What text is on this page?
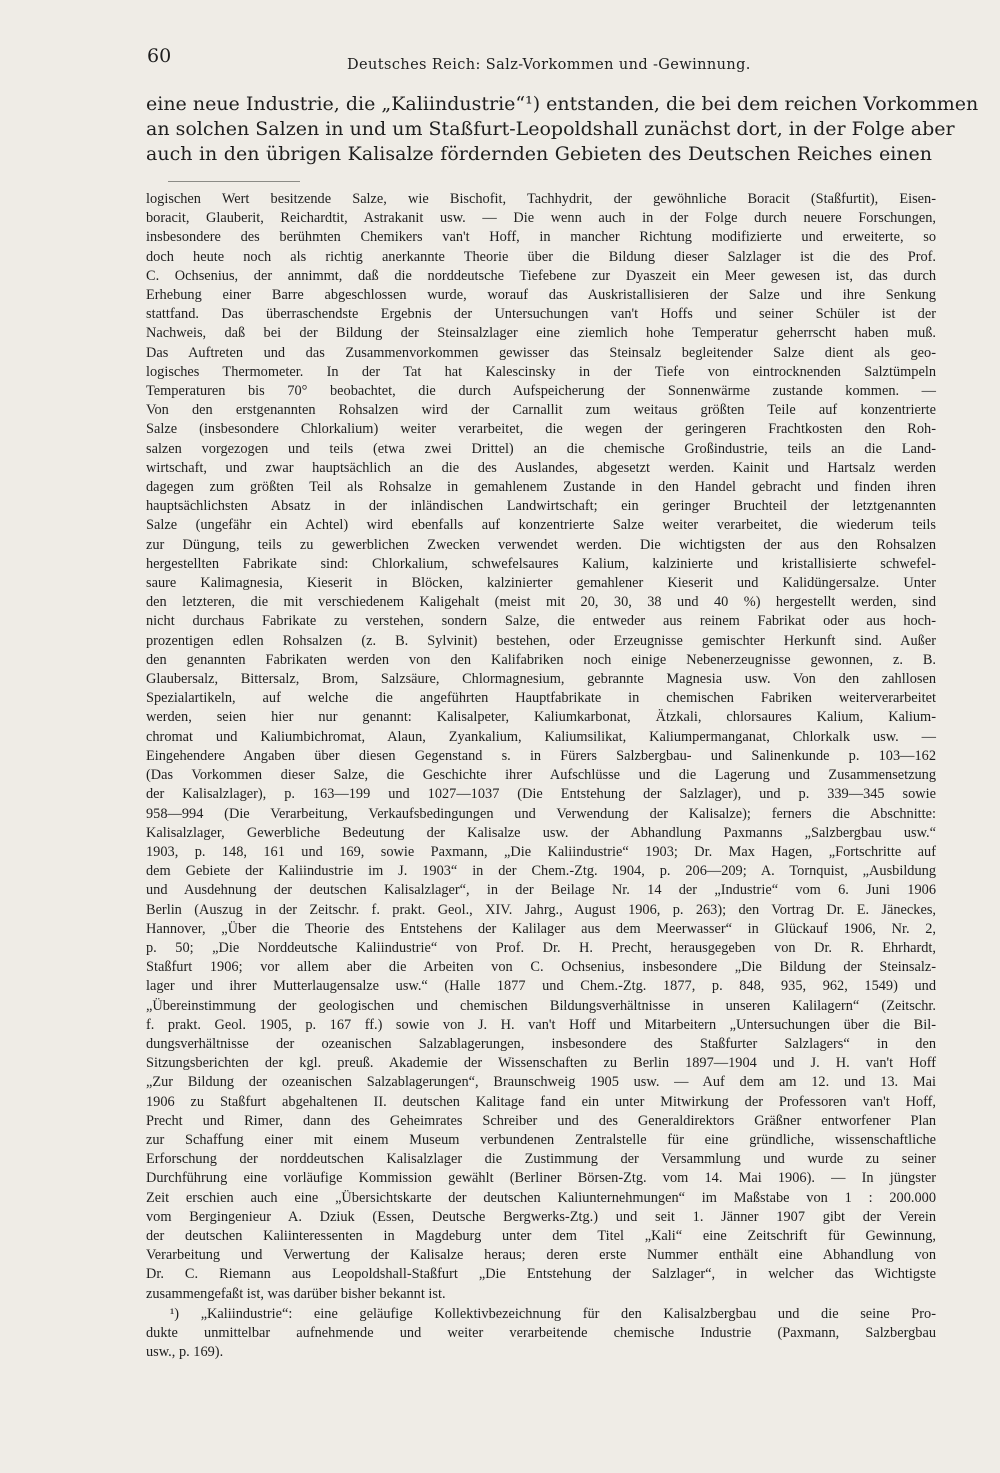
60	Deutsches Reich: Salz-Vorkommen und -Gewinnung.
eine neue Industrie, die „Kaliindustrie“¹) entstanden, die bei dem reichen Vorkommen
an solchen Salzen in und um Staßfurt-Leopoldshall zunächst dort, in der Folge aber
auch in den übrigen Kalisalze fördernden Gebieten des Deutschen Reiches einen
logischen Wert besitzende Salze, wie Bischofit, Tachhydrit, der gewöhnliche Boracit (Staßfurtit), Eisen-
boracit, Glauberit, Reichardtit, Astrakanit usw. — Die wenn auch in der Folge durch neuere Forschungen,
insbesondere des berühmten Chemikers van't Hoff, in mancher Richtung modifizierte und erweiterte, so
doch heute noch als richtig anerkannte Theorie über die Bildung dieser Salzlager ist die des Prof.
C. Ochsenius, der annimmt, daß die norddeutsche Tiefebene zur Dyaszeit ein Meer gewesen ist, das durch
Erhebung einer Barre abgeschlossen wurde, worauf das Auskristallisieren der Salze und ihre Senkung
stattfand. Das überraschendste Ergebnis der Untersuchungen van't Hoffs und seiner Schüler ist der
Nachweis, daß bei der Bildung der Steinsalzlager eine ziemlich hohe Temperatur geherrscht haben muß.
Das Auftreten und das Zusammenvorkommen gewisser das Steinsalz begleitender Salze dient als geo-
logisches Thermometer. In der Tat hat Kalescinsky in der Tiefe von eintrocknenden Salztümpeln
Temperaturen bis 70° beobachtet, die durch Aufspeicherung der Sonnenwärme zustande kommen. —
Von den erstgenannten Rohsalzen wird der Carnallit zum weitaus größten Teile auf konzentrierte
Salze (insbesondere Chlorkalium) weiter verarbeitet, die wegen der geringeren Frachtkosten den Roh-
salzen vorgezogen und teils (etwa zwei Drittel) an die chemische Großindustrie, teils an die Land-
wirtschaft, und zwar hauptsächlich an die des Auslandes, abgesetzt werden. Kainit und Hartsalz werden
dagegen zum größten Teil als Rohsalze in gemahlenem Zustande in den Handel gebracht und finden ihren
hauptsächlichsten Absatz in der inländischen Landwirtschaft; ein geringer Bruchteil der letztgenannten
Salze (ungefähr ein Achtel) wird ebenfalls auf konzentrierte Salze weiter verarbeitet, die wiederum teils
zur Düngung, teils zu gewerblichen Zwecken verwendet werden. Die wichtigsten der aus den Rohsalzen
hergestellten Fabrikate sind: Chlorkalium, schwefelsaures Kalium, kalzinierte und kristallisierte schwefel-
saure Kalimagnesia, Kieserit in Blöcken, kalzinierter gemahlener Kieserit und Kalidüngersalze. Unter
den letzteren, die mit verschiedenem Kaligehalt (meist mit 20, 30, 38 und 40 %) hergestellt werden, sind
nicht durchaus Fabrikate zu verstehen, sondern Salze, die entweder aus reinem Fabrikat oder aus hoch-
prozentigen edlen Rohsalzen (z. B. Sylvinit) bestehen, oder Erzeugnisse gemischter Herkunft sind. Außer
den genannten Fabrikaten werden von den Kalifabriken noch einige Nebenerzeugnisse gewonnen, z. B.
Glaubersalz, Bittersalz, Brom, Salzsäure, Chlormagnesium, gebrannte Magnesia usw. Von den zahllosen
Spezialartikeln, auf welche die angeführten Hauptfabrikate in chemischen Fabriken weiterverarbeitet
werden, seien hier nur genannt: Kalisalpeter, Kaliumkarbonat, Ätzkali, chlorsaures Kalium, Kalium-
chromat und Kaliumbichromat, Alaun, Zyankalium, Kaliumsilikat, Kaliumpermanganat, Chlorkalk usw. —
Eingehendere Angaben über diesen Gegenstand s. in Fürers Salzbergbau- und Salinenkunde p. 103—162
(Das Vorkommen dieser Salze, die Geschichte ihrer Aufschlüsse und die Lagerung und Zusammensetzung
der Kalisalzlager), p. 163—199 und 1027—1037 (Die Entstehung der Salzlager), und p. 339—345 sowie
958—994 (Die Verarbeitung, Verkaufsbedingungen und Verwendung der Kalisalze); ferners die Abschnitte:
Kalisalzlager, Gewerbliche Bedeutung der Kalisalze usw. der Abhandlung Paxmanns „Salzbergbau usw.“
1903, p. 148, 161 und 169, sowie Paxmann, „Die Kaliindustrie“ 1903; Dr. Max Hagen, „Fortschritte auf
dem Gebiete der Kaliindustrie im J. 1903“ in der Chem.-Ztg. 1904, p. 206—209; A. Tornquist, „Ausbildung
und Ausdehnung der deutschen Kalisalzlager“, in der Beilage Nr. 14 der „Industrie“ vom 6. Juni 1906
Berlin (Auszug in der Zeitschr. f. prakt. Geol., XIV. Jahrg., August 1906, p. 263); den Vortrag Dr. E. Jäneckes,
Hannover, „Über die Theorie des Entstehens der Kalilager aus dem Meerwasser“ in Glückauf 1906, Nr. 2,
p. 50; „Die Norddeutsche Kaliindustrie“ von Prof. Dr. H. Precht, herausgegeben von Dr. R. Ehrhardt,
Staßfurt 1906; vor allem aber die Arbeiten von C. Ochsenius, insbesondere „Die Bildung der Steinsalz-
lager und ihrer Mutterlaugensalze usw.“ (Halle 1877 und Chem.-Ztg. 1877, p. 848, 935, 962, 1549) und
„Übereinstimmung der geologischen und chemischen Bildungsverhältnisse in unseren Kalilagern“ (Zeitschr.
f. prakt. Geol. 1905, p. 167 ff.) sowie von J. H. van't Hoff und Mitarbeitern „Untersuchungen über die Bil-
dungsverhältnisse der ozeanischen Salzablagerungen, insbesondere des Staßfurter Salzlagers“ in den
Sitzungsberichten der kgl. preuß. Akademie der Wissenschaften zu Berlin 1897—1904 und J. H. van't Hoff
„Zur Bildung der ozeanischen Salzablagerungen“, Braunschweig 1905 usw. — Auf dem am 12. und 13. Mai
1906 zu Staßfurt abgehaltenen II. deutschen Kalitage fand ein unter Mitwirkung der Professoren van't Hoff,
Precht und Rimer, dann des Geheimrates Schreiber und des Generaldirektors Gräßner entworfener Plan
zur Schaffung einer mit einem Museum verbundenen Zentralstelle für eine gründliche, wissenschaftliche
Erforschung der norddeutschen Kalisalzlager die Zustimmung der Versammlung und wurde zu seiner
Durchführung eine vorläufige Kommission gewählt (Berliner Börsen-Ztg. vom 14. Mai 1906). — In jüngster
Zeit erschien auch eine „Übersichtskarte der deutschen Kaliunternehmungen“ im Maßstabe von 1 : 200.000
vom Bergingenieur A. Dziuk (Essen, Deutsche Bergwerks-Ztg.) und seit 1. Jänner 1907 gibt der Verein
der deutschen Kaliinteressenten in Magdeburg unter dem Titel „Kali“ eine Zeitschrift für Gewinnung,
Verarbeitung und Verwertung der Kalisalze heraus; deren erste Nummer enthält eine Abhandlung von
Dr. C. Riemann aus Leopoldshall-Staßfurt „Die Entstehung der Salzlager“, in welcher das Wichtigste
zusammengefaßt ist, was darüber bisher bekannt ist.
¹) „Kaliindustrie“: eine geläufige Kollektivbezeichnung für den Kalisalzbergbau und die seine Pro-
dukte unmittelbar aufnehmende und weiter verarbeitende chemische Industrie (Paxmann, Salzbergbau
usw., p. 169).
